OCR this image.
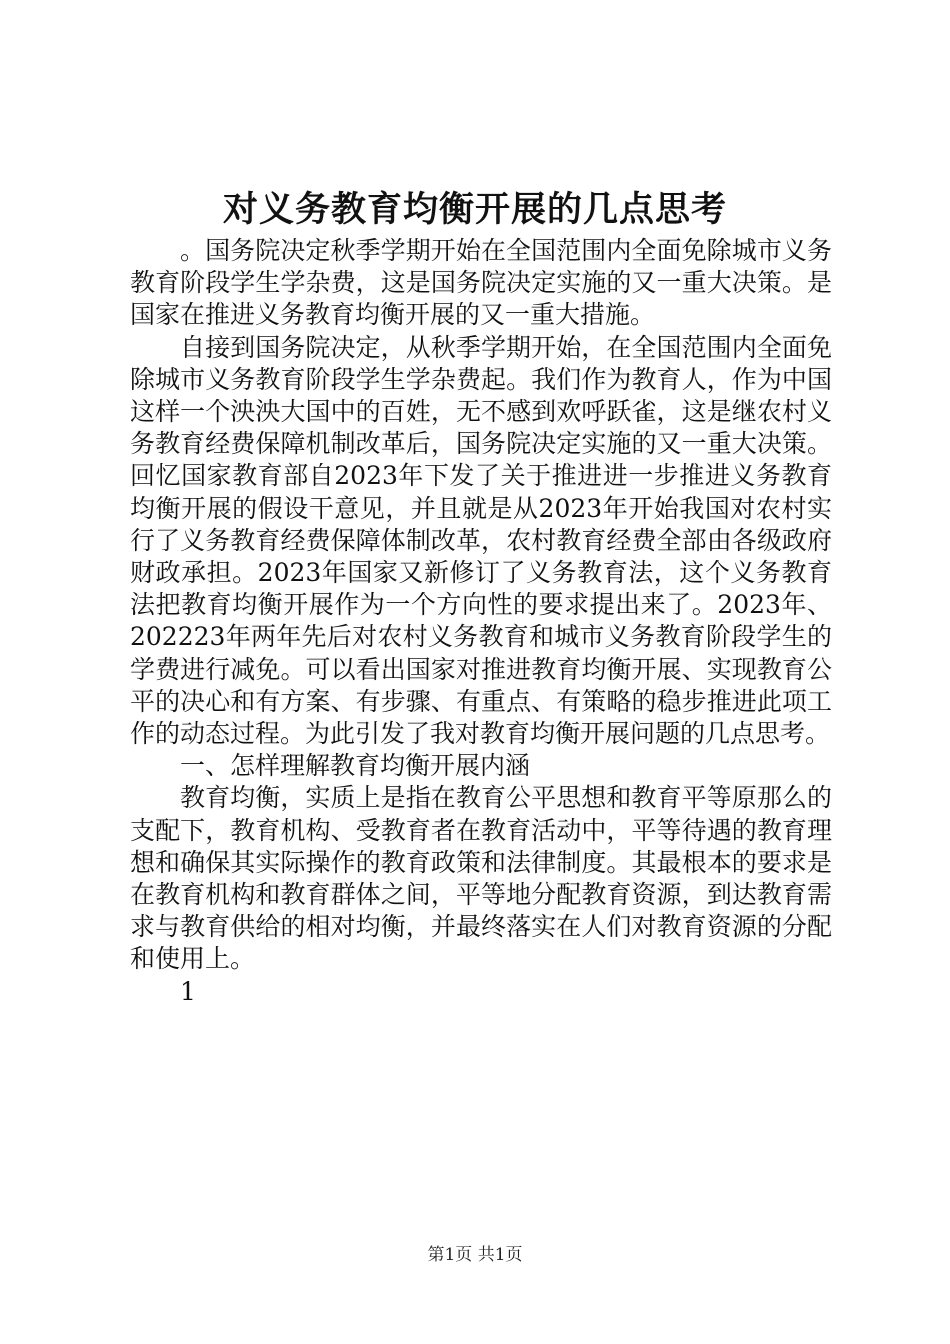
对义务教育均衡开展的几点思考

。国务院决定秋季学期开始在全国范围内全面免除城市义务教育阶段学生学杂费，这是国务院决定实施的又一重大决策。是国家在推进义务教育均衡开展的又一重大措施。

自接到国务院决定，从秋季学期开始，在全国范围内全面免除城市义务教育阶段学生学杂费起。我们作为教育人，作为中国这样一个泱泱大国中的百姓，无不感到欢呼跃雀，这是继农村义务教育经费保障机制改革后，国务院决定实施的又一重大决策。回忆国家教育部自2023年下发了关于推进进一步推进义务教育均衡开展的假设干意见，并且就是从2023年开始我国对农村实行了义务教育经费保障体制改革，农村教育经费全部由各级政府财政承担。2023年国家又新修订了义务教育法，这个义务教育法把教育均衡开展作为一个方向性的要求提出来了。2023年、202223年两年先后对农村义务教育和城市义务教育阶段学生的学费进行减免。可以看出国家对推进教育均衡开展、实现教育公平的决心和有方案、有步骤、有重点、有策略的稳步推进此项工作的动态过程。为此引发了我对教育均衡开展问题的几点思考。

一、怎样理解教育均衡开展内涵

教育均衡，实质上是指在教育公平思想和教育平等原那么的支配下，教育机构、受教育者在教育活动中，平等待遇的教育理想和确保其实际操作的教育政策和法律制度。其最根本的要求是在教育机构和教育群体之间，平等地分配教育资源，到达教育需求与教育供给的相对均衡，并最终落实在人们对教育资源的分配和使用上。

1

第1页 共1页
